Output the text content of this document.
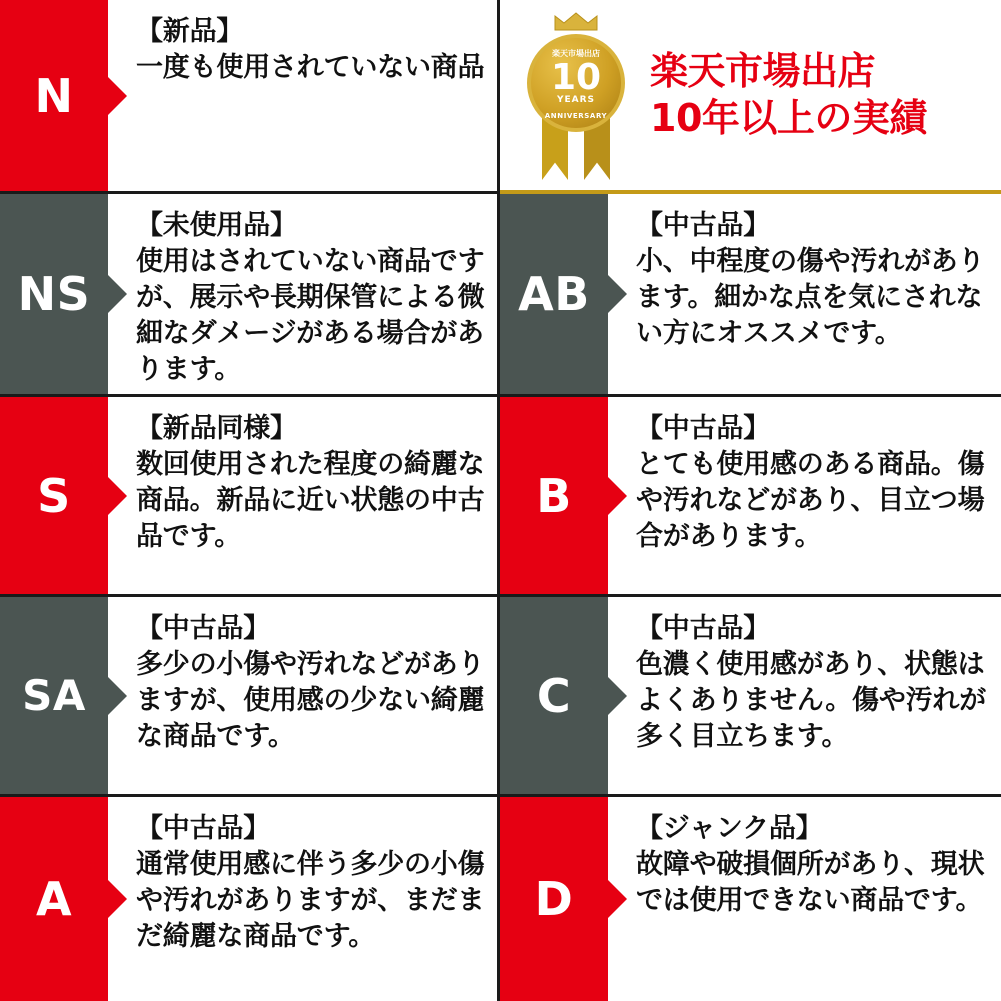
N
【新品】
一度も使用されていない商品	楽天市場出店
10
YEARS
ANNIVERSARY
楽天市場出店
10年以上の実績
NS
【未使用品】
使用はされていない商品ですが、展示や長期保管による微細なダメージがある場合があります。
AB
【中古品】
小、中程度の傷や汚れがあります。細かな点を気にされない方にオススメです。
S
【新品同様】
数回使用された程度の綺麗な商品。新品に近い状態の中古品です。
B
【中古品】
とても使用感のある商品。傷や汚れなどがあり、目立つ場合があります。
SA
【中古品】
多少の小傷や汚れなどがありますが、使用感の少ない綺麗な商品です。
C
【中古品】
色濃く使用感があり、状態はよくありません。傷や汚れが多く目立ちます。
A
【中古品】
通常使用感に伴う多少の小傷や汚れがありますが、まだまだ綺麗な商品です。
D
【ジャンク品】
故障や破損個所があり、現状では使用できない商品です。
